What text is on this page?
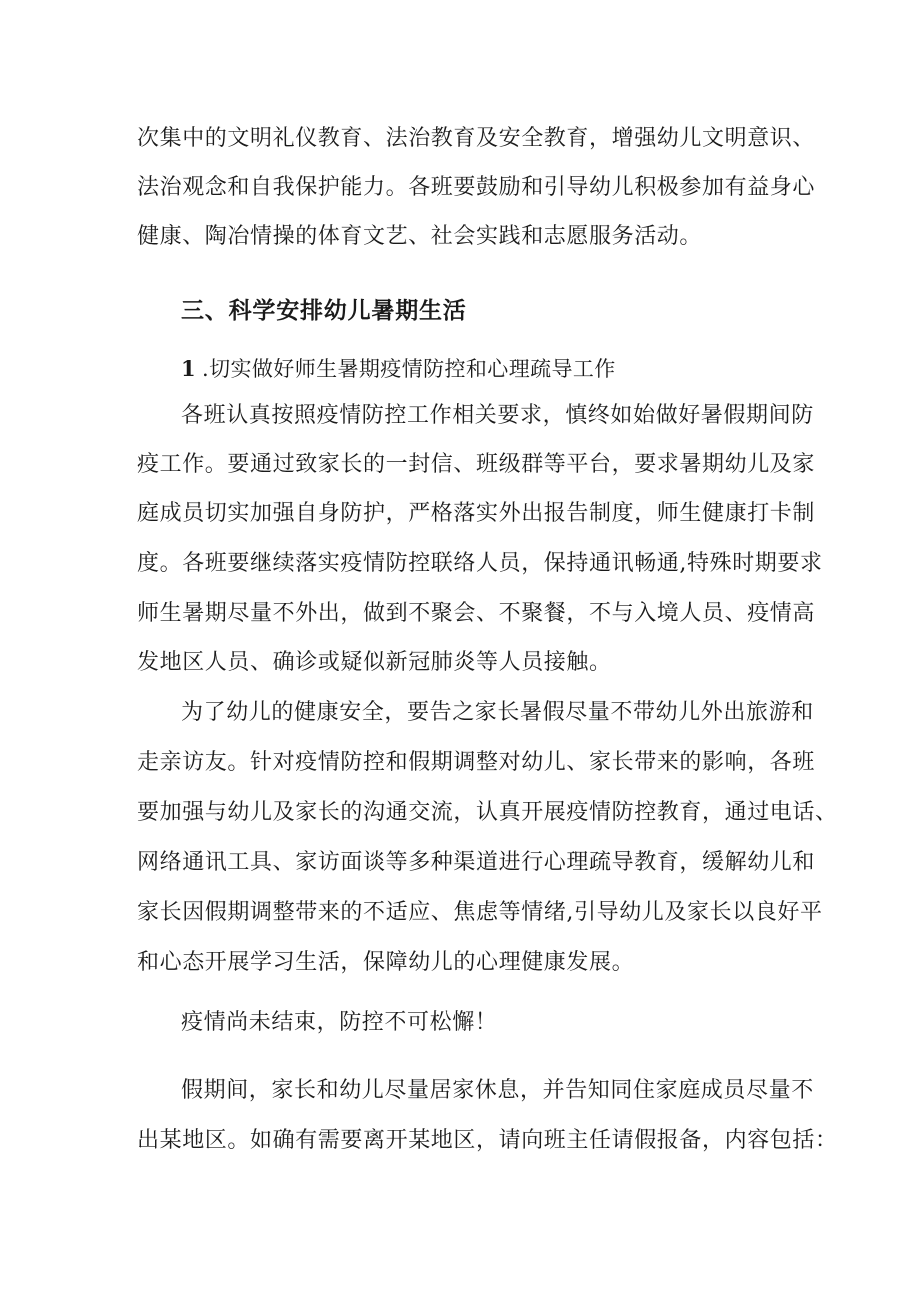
次集中的文明礼仪教育、法治教育及安全教育，增强幼儿文明意识、
法治观念和自我保护能力。各班要鼓励和引导幼儿积极参加有益身心
健康、陶冶情操的体育文艺、社会实践和志愿服务活动。
三、科学安排幼儿暑期生活
1 .切实做好师生暑期疫情防控和心理疏导工作
各班认真按照疫情防控工作相关要求，慎终如始做好暑假期间防
疫工作。要通过致家长的一封信、班级群等平台，要求暑期幼儿及家
庭成员切实加强自身防护，严格落实外出报告制度，师生健康打卡制
度。各班要继续落实疫情防控联络人员，保持通讯畅通,特殊时期要求
师生暑期尽量不外出，做到不聚会、不聚餐，不与入境人员、疫情高
发地区人员、确诊或疑似新冠肺炎等人员接触。
为了幼儿的健康安全，要告之家长暑假尽量不带幼儿外出旅游和
走亲访友。针对疫情防控和假期调整对幼儿、家长带来的影响，各班
要加强与幼儿及家长的沟通交流，认真开展疫情防控教育，通过电话、
网络通讯工具、家访面谈等多种渠道进行心理疏导教育，缓解幼儿和
家长因假期调整带来的不适应、焦虑等情绪,引导幼儿及家长以良好平
和心态开展学习生活，保障幼儿的心理健康发展。
疫情尚未结束，防控不可松懈！
假期间，家长和幼儿尽量居家休息，并告知同住家庭成员尽量不
出某地区。如确有需要离开某地区，请向班主任请假报备，内容包括：
